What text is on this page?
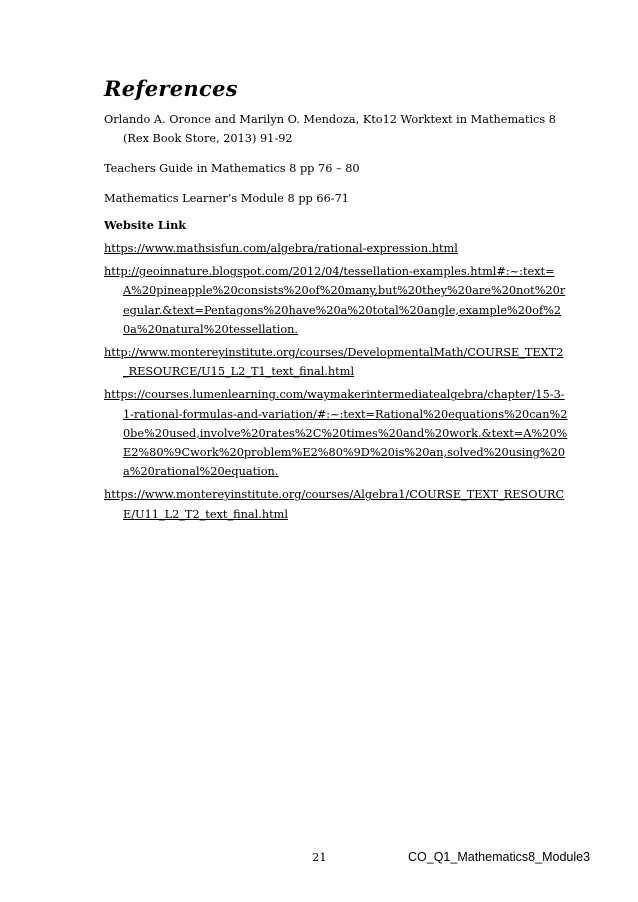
References

Orlando A. Oronce and Marilyn O. Mendoza, Kto12 Worktext in Mathematics 8 (Rex Book Store, 2013) 91-92

Teachers Guide in Mathematics 8 pp 76 – 80

Mathematics Learner’s Module 8 pp 66-71

Website Link

https://www.mathsisfun.com/algebra/rational-expression.html

http://geoinnature.blogspot.com/2012/04/tessellation-examples.html#:~:text=A%20pineapple%20consists%20of%20many,but%20they%20are%20not%20regular.&text=Pentagons%20have%20a%20total%20angle,example%20of%20a%20natural%20tessellation.

http://www.montereyinstitute.org/courses/DevelopmentalMath/COURSE_TEXT2_RESOURCE/U15_L2_T1_text_final.html

https://courses.lumenlearning.com/waymakerintermediatealgebra/chapter/15-3-1-rational-formulas-and-variation/#:~:text=Rational%20equations%20can%20be%20used,involve%20rates%2C%20times%20and%20work.&text=A%20%E2%80%9Cwork%20problem%E2%80%9D%20is%20an,solved%20using%20a%20rational%20equation.

https://www.montereyinstitute.org/courses/Algebra1/COURSE_TEXT_RESOURCE/U11_L2_T2_text_final.html

21	CO_Q1_Mathematics8_Module3
